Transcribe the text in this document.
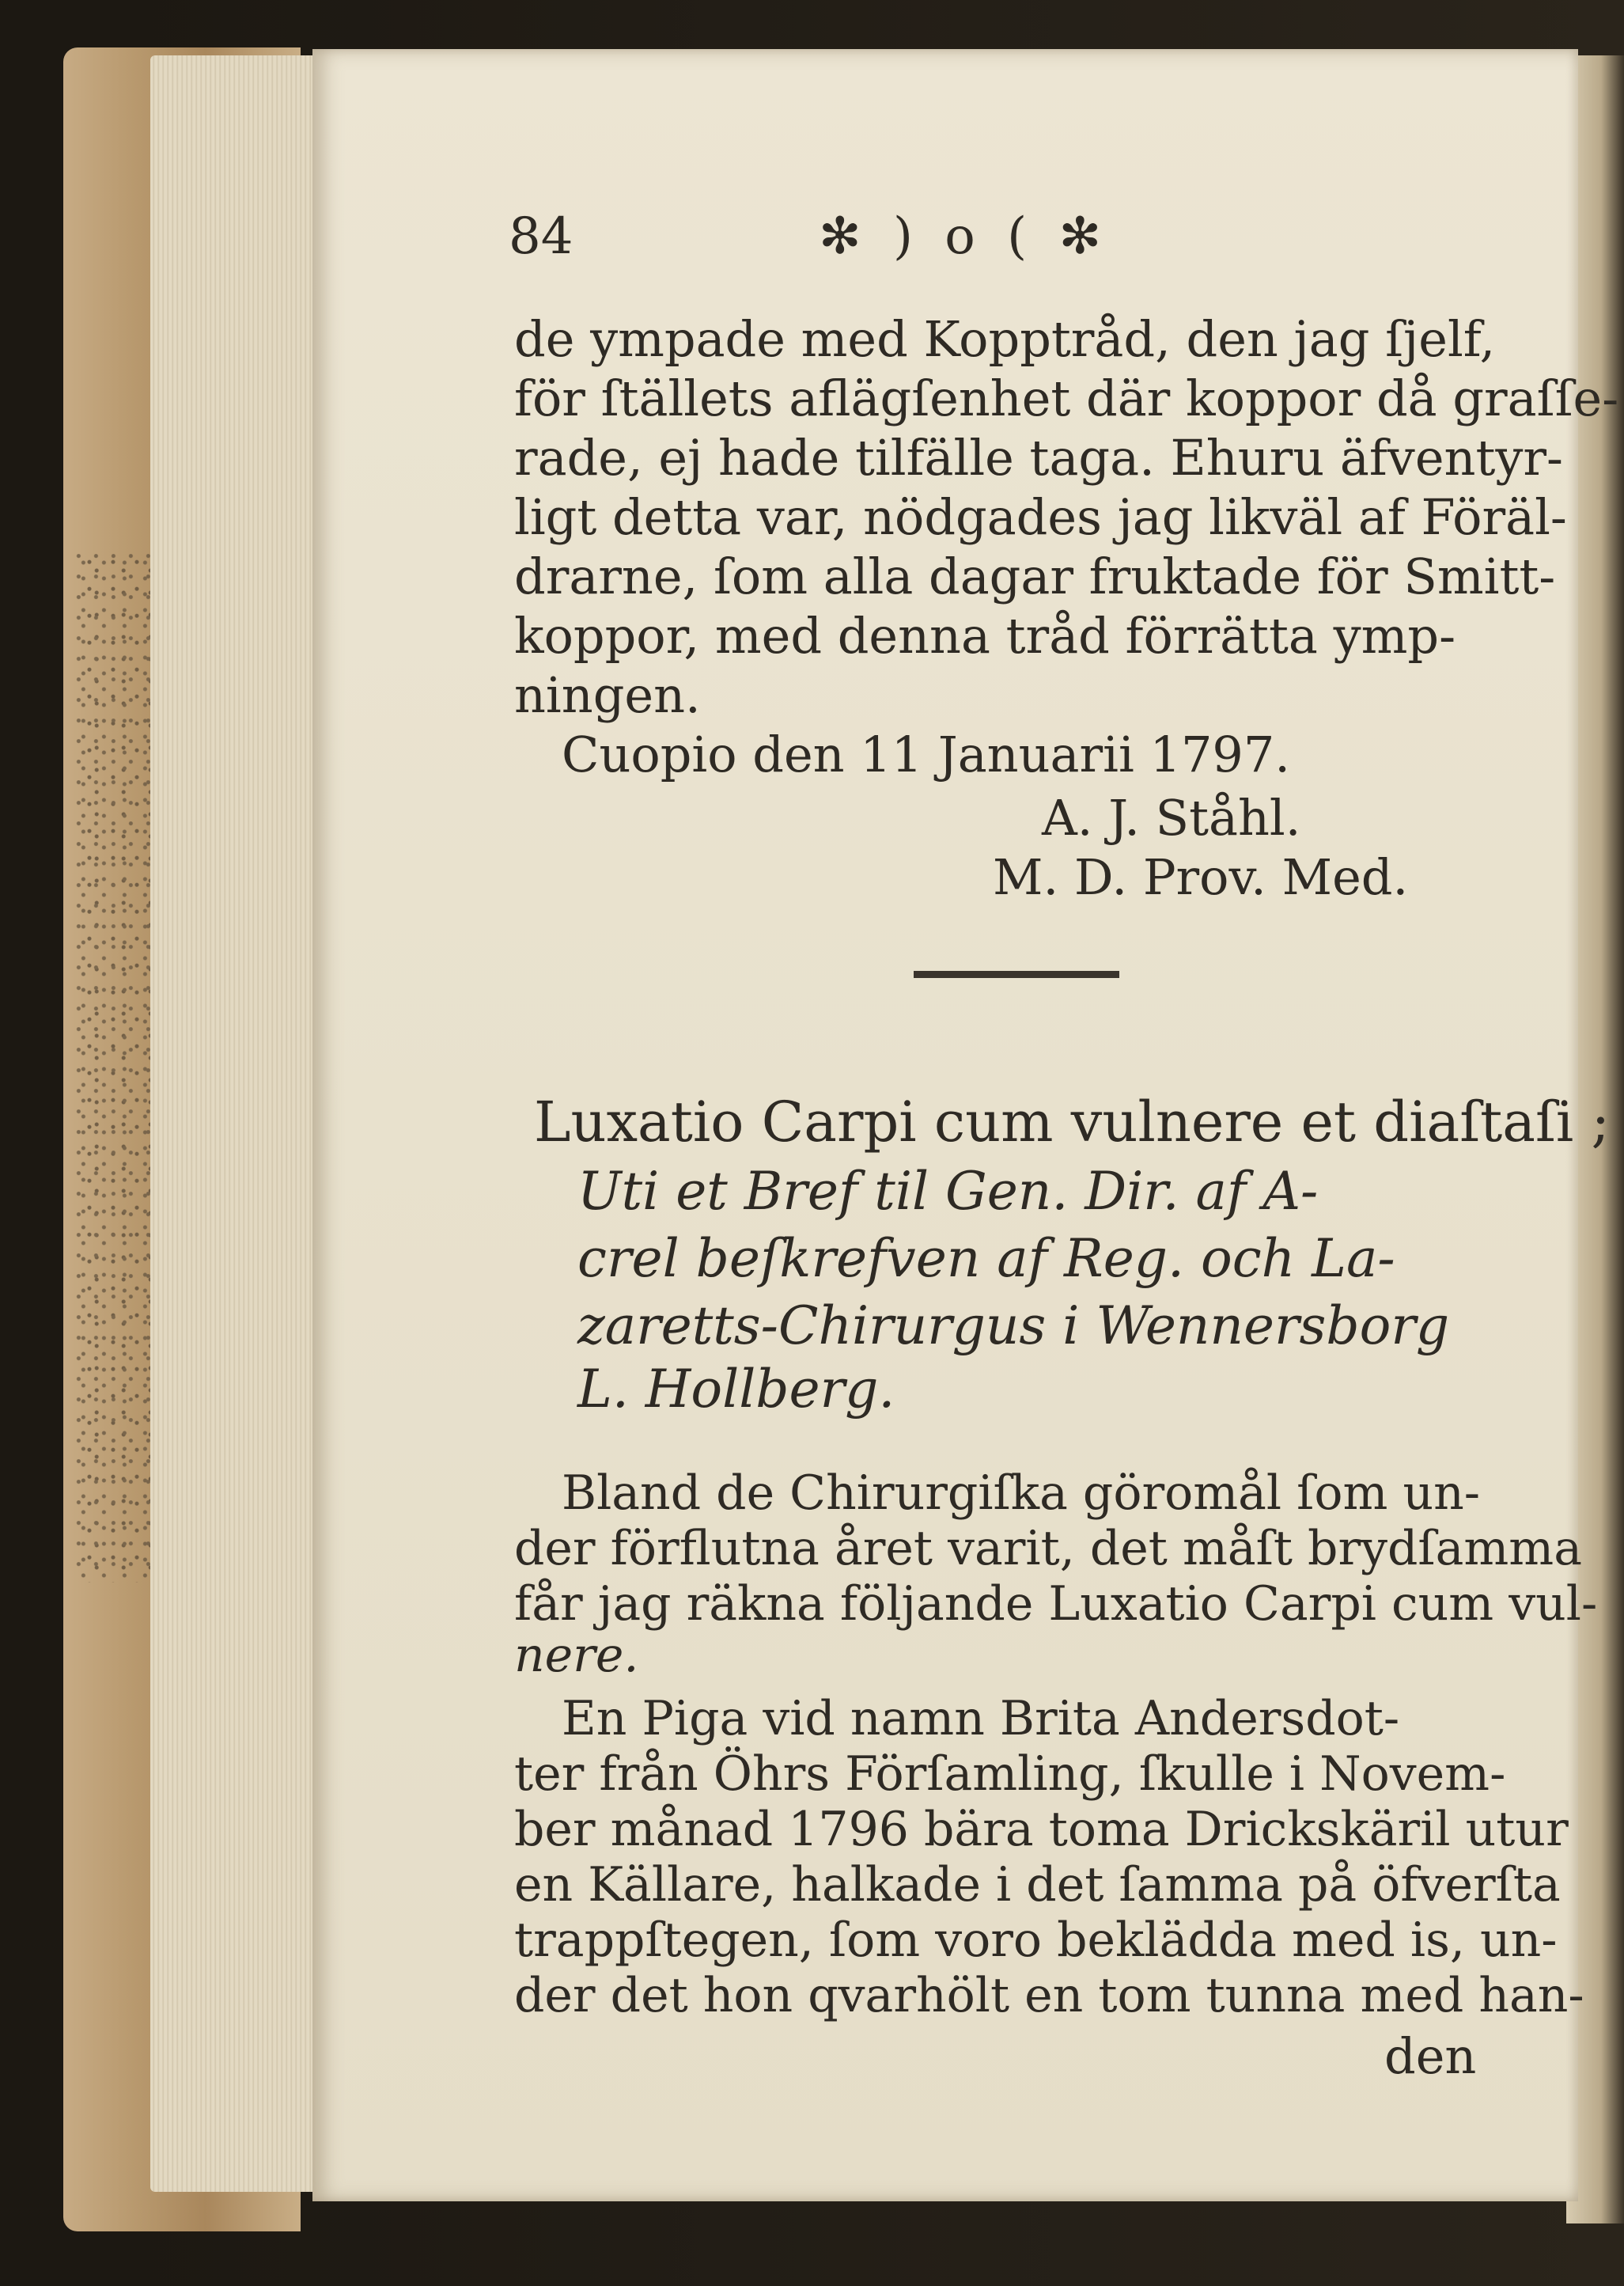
84	✻ ) o ( ✻
de ympade med Kopptråd, den jag ſjelf,
för ſtällets aflägſenhet där koppor då graſſe-
rade, ej hade tilfälle taga. Ehuru äfventyr-
ligt detta var, nödgades jag likväl af Föräl-
drarne, ſom alla dagar fruktade för Smitt-
koppor, med denna tråd förrätta ymp-
ningen.
Cuopio den 11 Januarii 1797.
A. J. Ståhl.
M. D. Prov. Med.
Luxatio Carpi cum vulnere et diaſtaſi ;
Uti et Bref til Gen. Dir. af A-
crel beſkrefven af Reg. och La-
zaretts-Chirurgus i Wennersborg
L. Hollberg.
Bland de Chirurgiſka göromål ſom un-
der förflutna året varit, det måſt brydſamma
får jag räkna följande Luxatio Carpi cum vul-
nere.
En Piga vid namn Brita Andersdot-
ter från Öhrs Förſamling, ſkulle i Novem-
ber månad 1796 bära toma Drickskäril utur
en Källare, halkade i det ſamma på öfverſta
trappſtegen, ſom voro beklädda med is, un-
der det hon qvarhölt en tom tunna med han-
den
